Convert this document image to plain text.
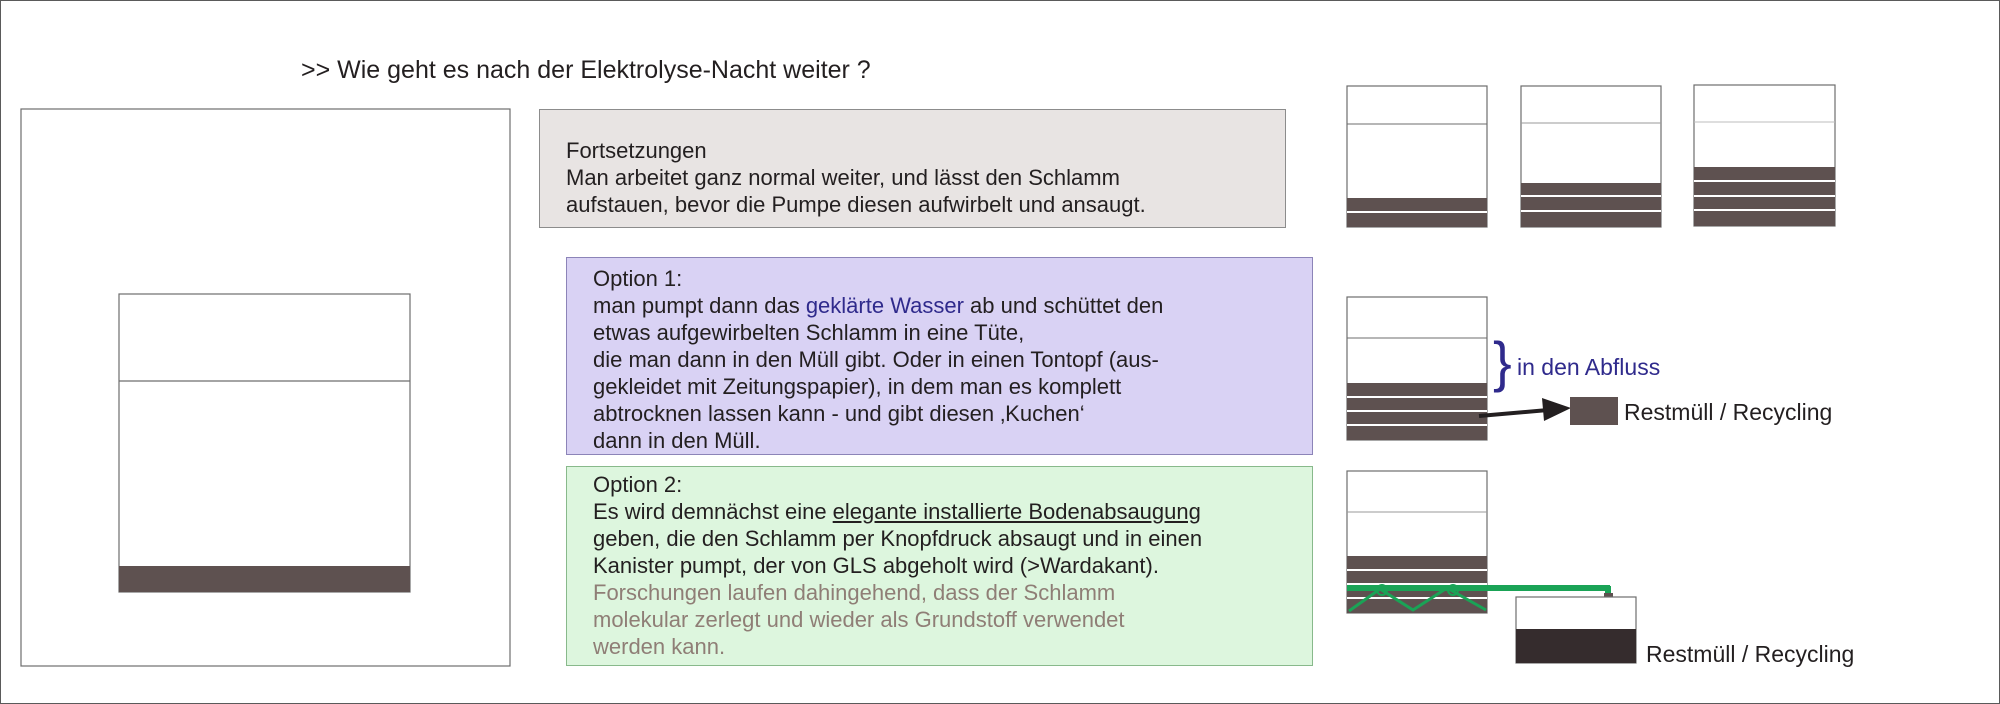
>> Wie geht es nach der Elektrolyse-Nacht weiter ?

Fortsetzungen

Man arbeitet ganz normal weiter, und lässt den Schlamm

aufstauen, bevor die Pumpe diesen aufwirbelt und ansaugt.

Option 1:

man pumpt dann das geklärte Wasser ab und schüttet den

etwas aufgewirbelten Schlamm in eine Tüte,

die man dann in den Müll gibt. Oder in einen Tontopf (aus-

gekleidet mit Zeitungspapier), in dem man es komplett

abtrocknen lassen kann - und gibt diesen ‚Kuchen‘

dann in den Müll.

Option 2:

Es wird demnächst eine elegante installierte Bodenabsaugung

geben, die den Schlamm per Knopfdruck absaugt und in einen

Kanister pumpt, der von GLS abgeholt wird (>Wardakant).

Forschungen laufen dahingehend, dass der Schlamm

molekular zerlegt und wieder als Grundstoff verwendet

werden kann.

} in den Abfluss
Restmüll / Recycling
Restmüll / Recycling
